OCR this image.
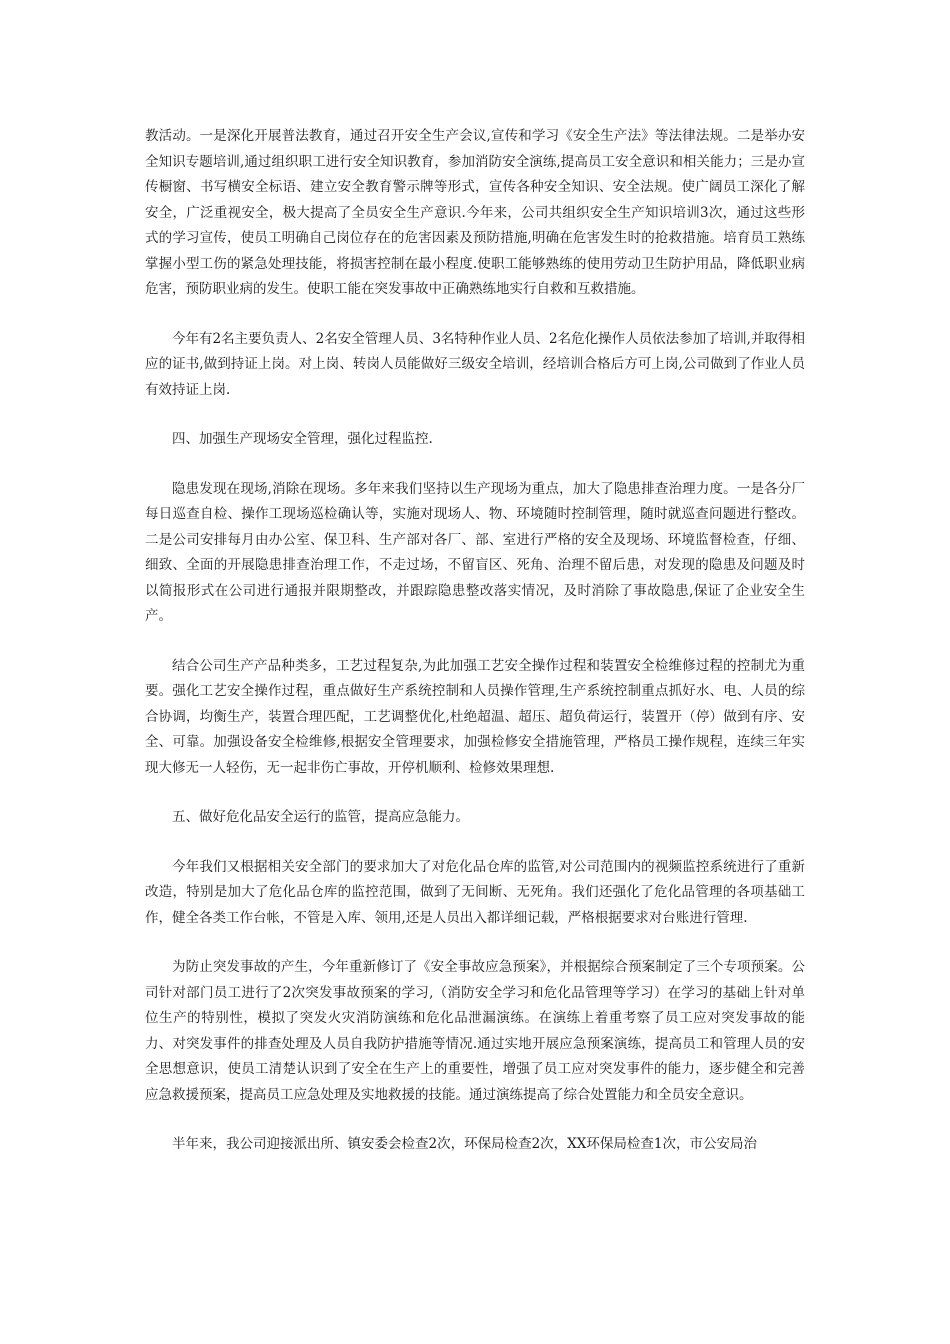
教活动。一是深化开展普法教育，通过召开安全生产会议,宣传和学习《安全生产法》等法律法规。二是举办安全知识专题培训,通过组织职工进行安全知识教育，参加消防安全演练,提高员工安全意识和相关能力；三是办宣传橱窗、书写横安全标语、建立安全教育警示牌等形式，宣传各种安全知识、安全法规。使广阔员工深化了解安全，广泛重视安全，极大提高了全员安全生产意识.今年来，公司共组织安全生产知识培训3次，通过这些形式的学习宣传，使员工明确自己岗位存在的危害因素及预防措施,明确在危害发生时的抢救措施。培育员工熟练掌握小型工伤的紧急处理技能，将损害控制在最小程度.使职工能够熟练的使用劳动卫生防护用品，降低职业病危害，预防职业病的发生。使职工能在突发事故中正确熟练地实行自救和互救措施。

今年有2名主要负责人、2名安全管理人员、3名特种作业人员、2名危化操作人员依法参加了培训,并取得相应的证书,做到持证上岗。对上岗、转岗人员能做好三级安全培训，经培训合格后方可上岗,公司做到了作业人员有效持证上岗.

四、加强生产现场安全管理，强化过程监控.

隐患发现在现场,消除在现场。多年来我们坚持以生产现场为重点，加大了隐患排查治理力度。一是各分厂每日巡查自检、操作工现场巡检确认等，实施对现场人、物、环境随时控制管理，随时就巡查问题进行整改。二是公司安排每月由办公室、保卫科、生产部对各厂、部、室进行严格的安全及现场、环境监督检查，仔细、细致、全面的开展隐患排查治理工作，不走过场，不留盲区、死角、治理不留后患，对发现的隐患及问题及时以简报形式在公司进行通报并限期整改，并跟踪隐患整改落实情况，及时消除了事故隐患,保证了企业安全生产。

结合公司生产产品种类多，工艺过程复杂,为此加强工艺安全操作过程和装置安全检维修过程的控制尤为重要。强化工艺安全操作过程，重点做好生产系统控制和人员操作管理,生产系统控制重点抓好水、电、人员的综合协调，均衡生产，装置合理匹配，工艺调整优化,杜绝超温、超压、超负荷运行，装置开（停）做到有序、安全、可靠。加强设备安全检维修,根据安全管理要求，加强检修安全措施管理，严格员工操作规程，连续三年实现大修无一人轻伤，无一起非伤亡事故，开停机顺利、检修效果理想.

五、做好危化品安全运行的监管，提高应急能力。

今年我们又根据相关安全部门的要求加大了对危化品仓库的监管,对公司范围内的视频监控系统进行了重新改造，特别是加大了危化品仓库的监控范围，做到了无间断、无死角。我们还强化了危化品管理的各项基础工作，健全各类工作台帐，不管是入库、领用,还是人员出入都详细记载，严格根据要求对台账进行管理.

为防止突发事故的产生，今年重新修订了《安全事故应急预案》，并根据综合预案制定了三个专项预案。公司针对部门员工进行了2次突发事故预案的学习,（消防安全学习和危化品管理等学习）在学习的基础上针对单位生产的特别性，模拟了突发火灾消防演练和危化品泄漏演练。在演练上着重考察了员工应对突发事故的能力、对突发事件的排查处理及人员自我防护措施等情况.通过实地开展应急预案演练，提高员工和管理人员的安全思想意识，使员工清楚认识到了安全在生产上的重要性，增强了员工应对突发事件的能力，逐步健全和完善应急救援预案，提高员工应急处理及实地救援的技能。通过演练提高了综合处置能力和全员安全意识。

半年来，我公司迎接派出所、镇安委会检查2次，环保局检查2次，XX环保局检查1次，市公安局治
